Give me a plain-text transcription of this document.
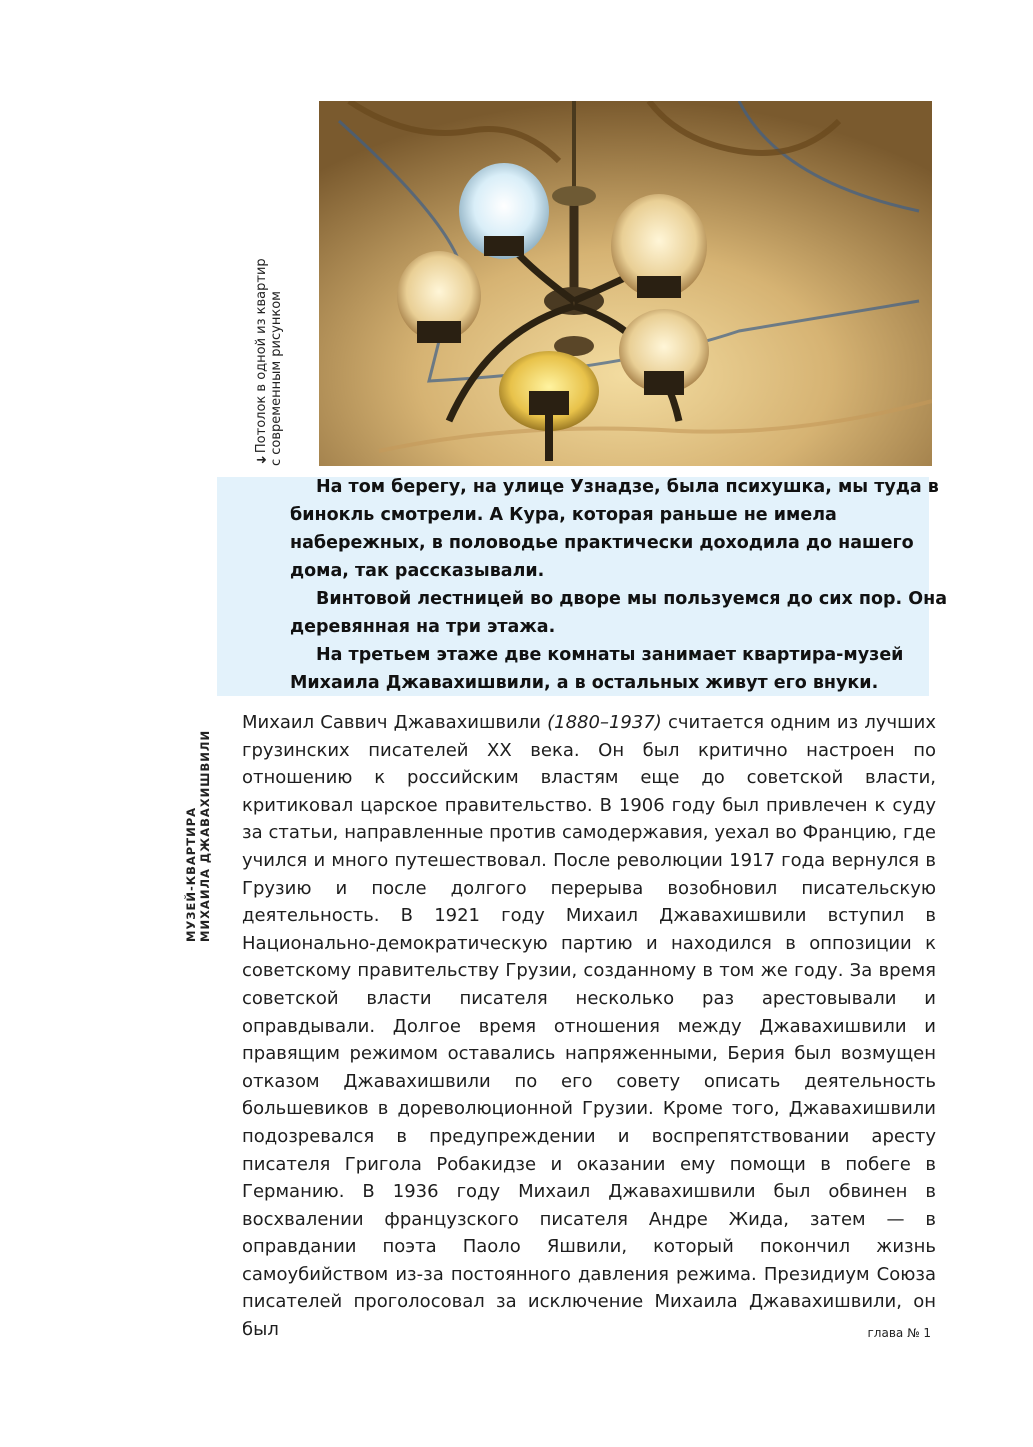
➜Потолок в одной из квартир с современным рисунком

На том берегу, на улице Узнадзе, была психушка, мы туда в бинокль смотрели. А Кура, которая раньше не имела набережных, в половодье практически доходила до нашего дома, так рассказывали.

Винтовой лестницей во дворе мы пользуемся до сих пор. Она деревянная на три этажа.

На третьем этаже две комнаты занимает квартира-музей Михаила Джавахишвили, а в остальных живут его внуки.

МУЗЕЙ-КВАРТИРА МИХАИЛА ДЖАВАХИШВИЛИ

Михаил Саввич Джавахишвили (1880–1937) считается одним из лучших грузинских писателей XX века. Он был критично настроен по отношению к российским властям еще до советской власти, критиковал царское правительство. В 1906 году был привлечен к суду за статьи, направленные против самодержавия, уехал во Францию, где учился и много путешествовал. После революции 1917 года вернулся в Грузию и после долгого перерыва возобновил писательскую деятельность. В 1921 году Михаил Джавахишвили вступил в Национально-демократическую партию и находился в оппозиции к советскому правительству Грузии, созданному в том же году. За время советской власти писателя несколько раз арестовывали и оправдывали. Долгое время отношения между Джавахишвили и правящим режимом оставались напряженными, Берия был возмущен отказом Джавахишвили по его совету описать деятельность большевиков в дореволюционной Грузии. Кроме того, Джавахишвили подозревался в предупреждении и воспрепятствовании аресту писателя Григола Робакидзе и оказании ему помощи в побеге в Германию. В 1936 году Михаил Джавахишвили был обвинен в восхвалении французского писателя Андре Жида, затем — в оправдании поэта Паоло Яшвили, который покончил жизнь самоубийством из-за постоянного давления режима. Президиум Союза писателей проголосовал за исключение Михаила Джавахишвили, он был	глава № 1
